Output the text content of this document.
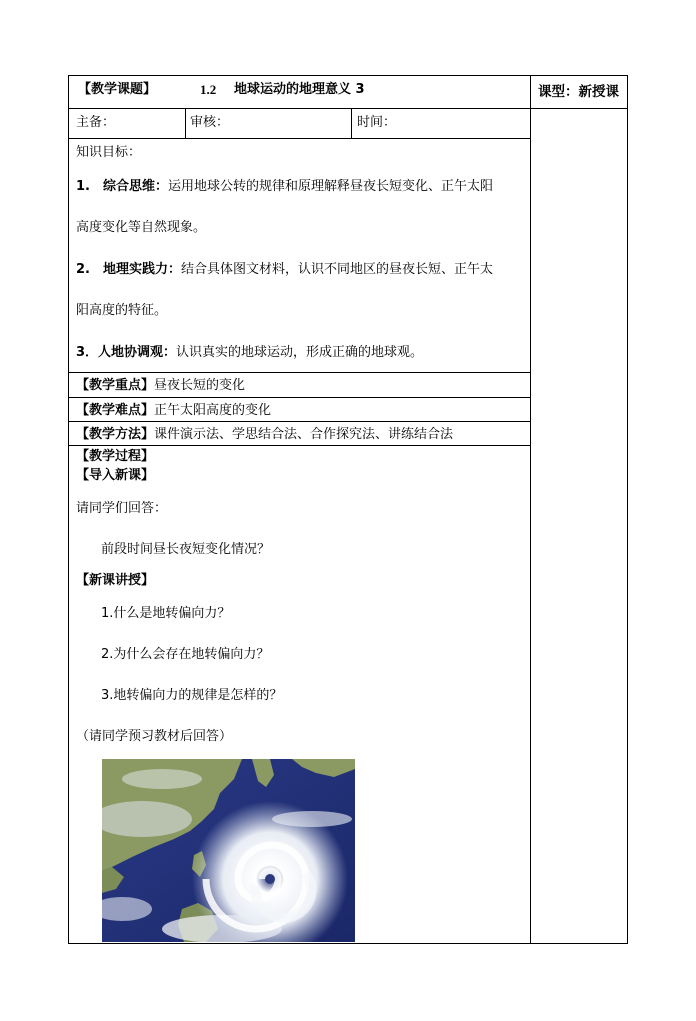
【教学课题】	1.2 地球运动的地理意义 3	课型：新授课
主备：	审核：	时间：
知识目标：
1.　综合思维：运用地球公转的规律和原理解释昼夜长短变化、正午太阳
高度变化等自然现象。
2.　地理实践力：结合具体图文材料，认识不同地区的昼夜长短、正午太
阳高度的特征。
3．人地协调观：认识真实的地球运动，形成正确的地球观。
【教学重点】昼夜长短的变化
【教学难点】正午太阳高度的变化
【教学方法】课件演示法、学思结合法、合作探究法、讲练结合法
【教学过程】
【导入新课】
请同学们回答：
前段时间昼长夜短变化情况？
【新课讲授】
1.什么是地转偏向力？
2.为什么会存在地转偏向力？
3.地转偏向力的规律是怎样的？
（请同学预习教材后回答）
